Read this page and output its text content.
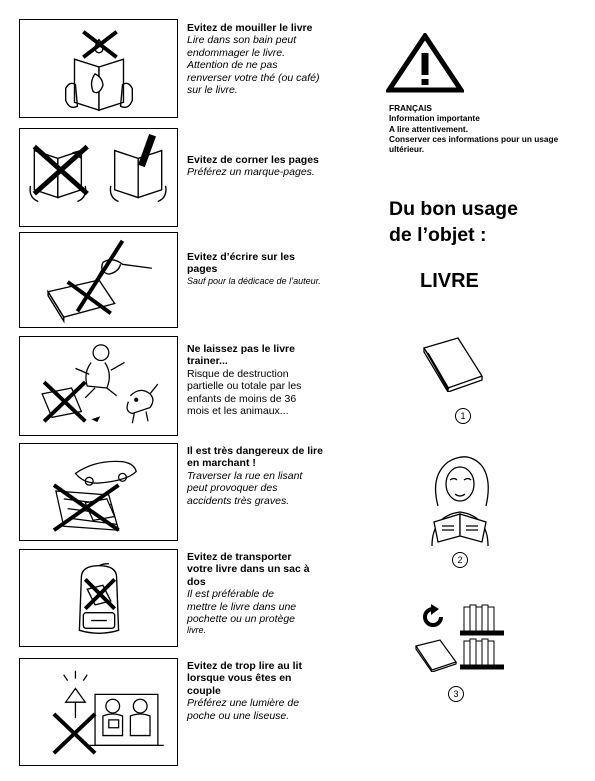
Evitez de mouiller le livre
Lire dans son bain peut
endommager le livre.
Attention de ne pas
renverser votre thé (ou café)
sur le livre.
Evitez de corner les pages
Préférez un marque-pages.
Evitez d’écrire sur les pages
Sauf pour la dédicace de l’auteur.
Ne laissez pas le livre trainer...
Risque de destruction
partielle ou totale par les
enfants de moins de 36
mois et les animaux...
Il est très dangereux de lire en marchant !
Traverser la rue en lisant
peut provoquer des
accidents très graves.
Evitez de transporter votre livre dans un sac à dos
Il est préférable de
mettre le livre dans une
pochette ou un protège
livre.
Evitez de trop lire au lit lorsque vous êtes en couple
Préférez une lumière de
poche ou une liseuse.
FRANÇAIS
Information importante
A lire attentivement.
Conserver ces informations pour un usage ultérieur.
Du bon usage
de l’objet :
LIVRE
1
2
3
